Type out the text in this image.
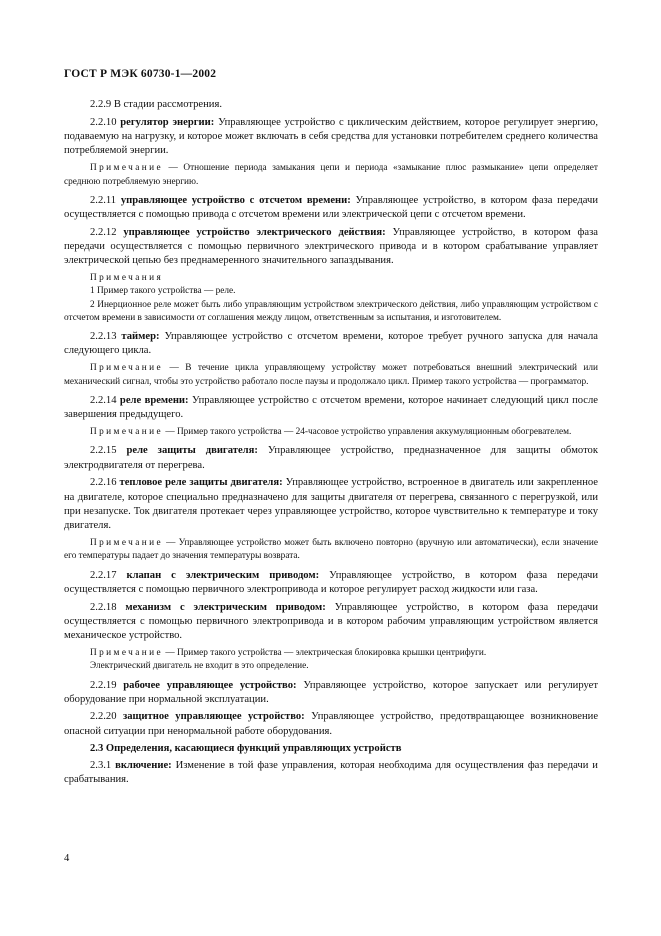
ГОСТ Р МЭК 60730-1—2002

2.2.9 В стадии рассмотрения.

2.2.10 регулятор энергии: Управляющее устройство с циклическим действием, которое регулирует энергию, подаваемую на нагрузку, и которое может включать в себя средства для установки потребителем среднего количества потребляемой энергии.

Примечание — Отношение периода замыкания цепи и периода «замыкание плюс размыкание» цепи определяет среднюю потребляемую энергию.

2.2.11 управляющее устройство с отсчетом времени: Управляющее устройство, в котором фаза передачи осуществляется с помощью привода с отсчетом времени или электрической цепи с отсчетом времени.

2.2.12 управляющее устройство электрического действия: Управляющее устройство, в котором фаза передачи осуществляется с помощью первичного электрического привода и в котором срабатывание управляет электрической цепью без преднамеренного значительного запаздывания.

Примечания

1 Пример такого устройства — реле.

2 Инерционное реле может быть либо управляющим устройством электрического действия, либо управляющим устройством с отсчетом времени в зависимости от соглашения между лицом, ответственным за испытания, и изготовителем.

2.2.13 таймер: Управляющее устройство с отсчетом времени, которое требует ручного запуска для начала следующего цикла.

Примечание — В течение цикла управляющему устройству может потребоваться внешний электрический или механический сигнал, чтобы это устройство работало после паузы и продолжало цикл. Пример такого устройства — программатор.

2.2.14 реле времени: Управляющее устройство с отсчетом времени, которое начинает следующий цикл после завершения предыдущего.

Примечание — Пример такого устройства — 24-часовое устройство управления аккумуляционным обогревателем.

2.2.15 реле защиты двигателя: Управляющее устройство, предназначенное для защиты обмоток электродвигателя от перегрева.

2.2.16 тепловое реле защиты двигателя: Управляющее устройство, встроенное в двигатель или закрепленное на двигателе, которое специально предназначено для защиты двигателя от перегрева, связанного с перегрузкой, или при незапуске. Ток двигателя протекает через управляющее устройство, которое чувствительно к температуре и току двигателя.

Примечание — Управляющее устройство может быть включено повторно (вручную или автоматически), если значение его температуры падает до значения температуры возврата.

2.2.17 клапан с электрическим приводом: Управляющее устройство, в котором фаза передачи осуществляется с помощью первичного электропривода и которое регулирует расход жидкости или газа.

2.2.18 механизм с электрическим приводом: Управляющее устройство, в котором фаза передачи осуществляется с помощью первичного электропривода и в котором рабочим управляющим устройством является механическое устройство.

Примечание — Пример такого устройства — электрическая блокировка крышки центрифуги.

Электрический двигатель не входит в это определение.

2.2.19 рабочее управляющее устройство: Управляющее устройство, которое запускает или регулирует оборудование при нормальной эксплуатации.

2.2.20 защитное управляющее устройство: Управляющее устройство, предотвращающее возникновение опасной ситуации при ненормальной работе оборудования.

2.3 Определения, касающиеся функций управляющих устройств

2.3.1 включение: Изменение в той фазе управления, которая необходима для осуществления фаз передачи и срабатывания.

4
